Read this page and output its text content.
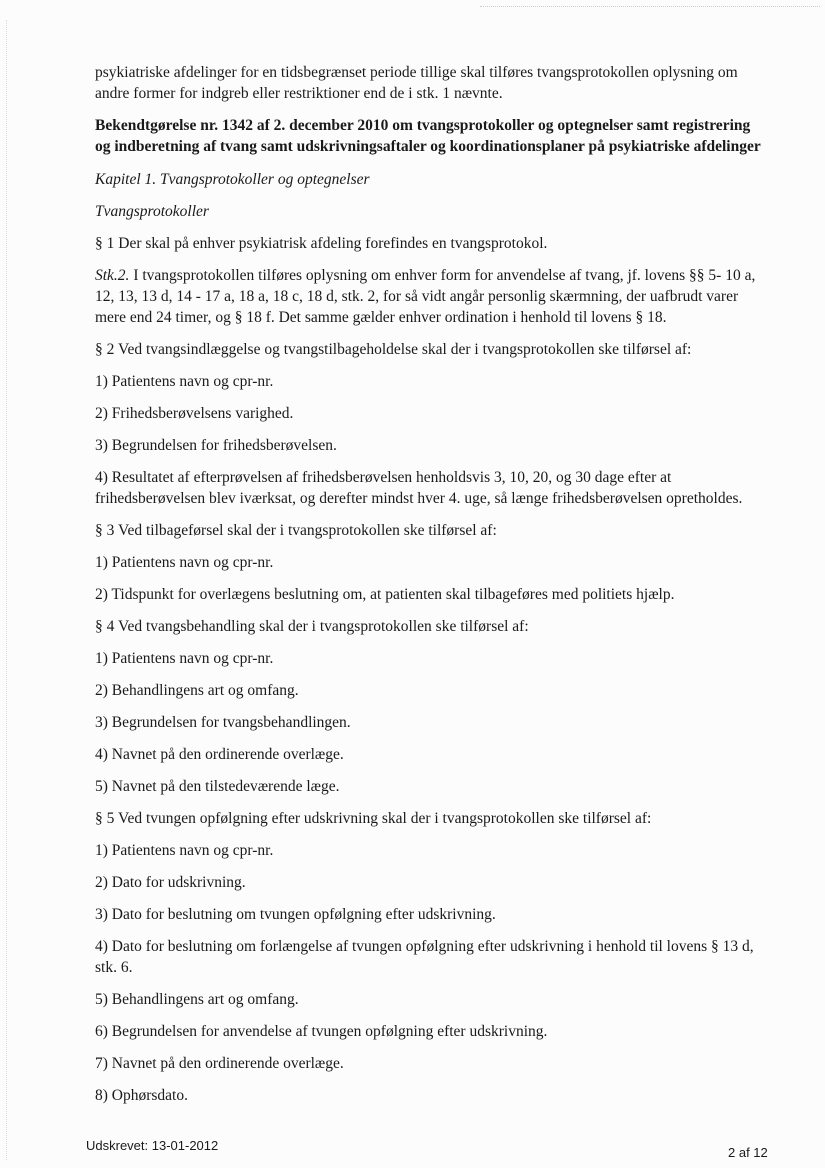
psykiatriske afdelinger for en tidsbegrænset periode tillige skal tilføres tvangsprotokollen oplysning om andre former for indgreb eller restriktioner end de i stk. 1 nævnte.

Bekendtgørelse nr. 1342 af 2. december 2010 om tvangsprotokoller og optegnelser samt registrering og indberetning af tvang samt udskrivningsaftaler og koordinationsplaner på psykiatriske afdelinger

Kapitel 1. Tvangsprotokoller og optegnelser

Tvangsprotokoller

§ 1 Der skal på enhver psykiatrisk afdeling forefindes en tvangsprotokol.

Stk.2. I tvangsprotokollen tilføres oplysning om enhver form for anvendelse af tvang, jf. lovens §§ 5- 10 a, 12, 13, 13 d, 14 - 17 a, 18 a, 18 c, 18 d, stk. 2, for så vidt angår personlig skærmning, der uafbrudt varer mere end 24 timer, og § 18 f. Det samme gælder enhver ordination i henhold til lovens § 18.

§ 2 Ved tvangsindlæggelse og tvangstilbageholdelse skal der i tvangsprotokollen ske tilførsel af:

1) Patientens navn og cpr-nr.

2) Frihedsberøvelsens varighed.

3) Begrundelsen for frihedsberøvelsen.

4) Resultatet af efterprøvelsen af frihedsberøvelsen henholdsvis 3, 10, 20, og 30 dage efter at frihedsberøvelsen blev iværksat, og derefter mindst hver 4. uge, så længe frihedsberøvelsen opretholdes.

§ 3 Ved tilbageførsel skal der i tvangsprotokollen ske tilførsel af:

1) Patientens navn og cpr-nr.

2) Tidspunkt for overlægens beslutning om, at patienten skal tilbageføres med politiets hjælp.

§ 4 Ved tvangsbehandling skal der i tvangsprotokollen ske tilførsel af:

1) Patientens navn og cpr-nr.

2) Behandlingens art og omfang.

3) Begrundelsen for tvangsbehandlingen.

4) Navnet på den ordinerende overlæge.

5) Navnet på den tilstedeværende læge.

§ 5 Ved tvungen opfølgning efter udskrivning skal der i tvangsprotokollen ske tilførsel af:

1) Patientens navn og cpr-nr.

2) Dato for udskrivning.

3) Dato for beslutning om tvungen opfølgning efter udskrivning.

4) Dato for beslutning om forlængelse af tvungen opfølgning efter udskrivning i henhold til lovens § 13 d, stk. 6.

5) Behandlingens art og omfang.

6) Begrundelsen for anvendelse af tvungen opfølgning efter udskrivning.

7) Navnet på den ordinerende overlæge.

8) Ophørsdato.

Udskrevet: 13-01-2012	2 af 12
